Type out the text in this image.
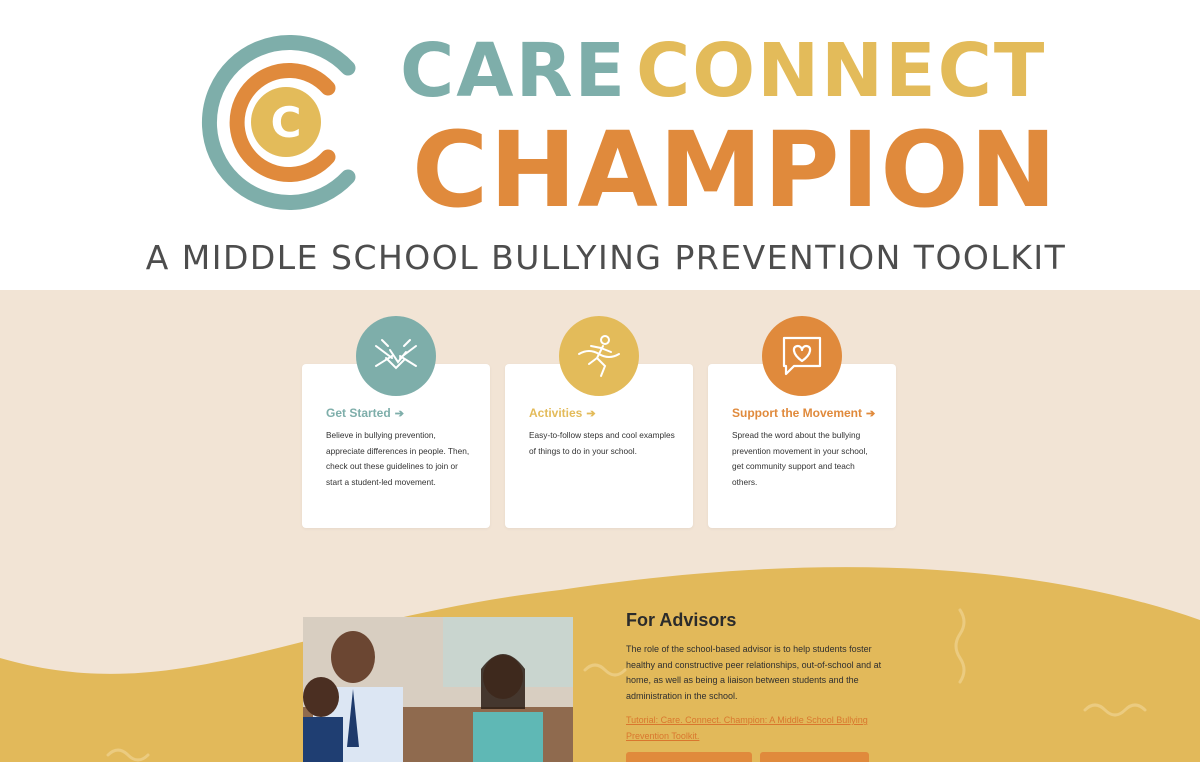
C
CARE CONNECT
CHAMPION
A MIDDLE SCHOOL BULLYING PREVENTION TOOLKIT
Get Started ➔
Believe in bullying prevention, appreciate differences in people. Then, check out these guidelines to join or start a student-led movement.
Activities ➔
Easy-to-follow steps and cool examples of things to do in your school.
Support the Movement ➔
Spread the word about the bullying prevention movement in your school, get community support and teach others.
For Advisors
The role of the school-based advisor is to help students foster healthy and constructive peer relationships, out-of-school and at home, as well as being a liaison between students and the administration in the school.
Tutorial: Care. Connect. Champion: A Middle School Bullying Prevention Toolkit.
